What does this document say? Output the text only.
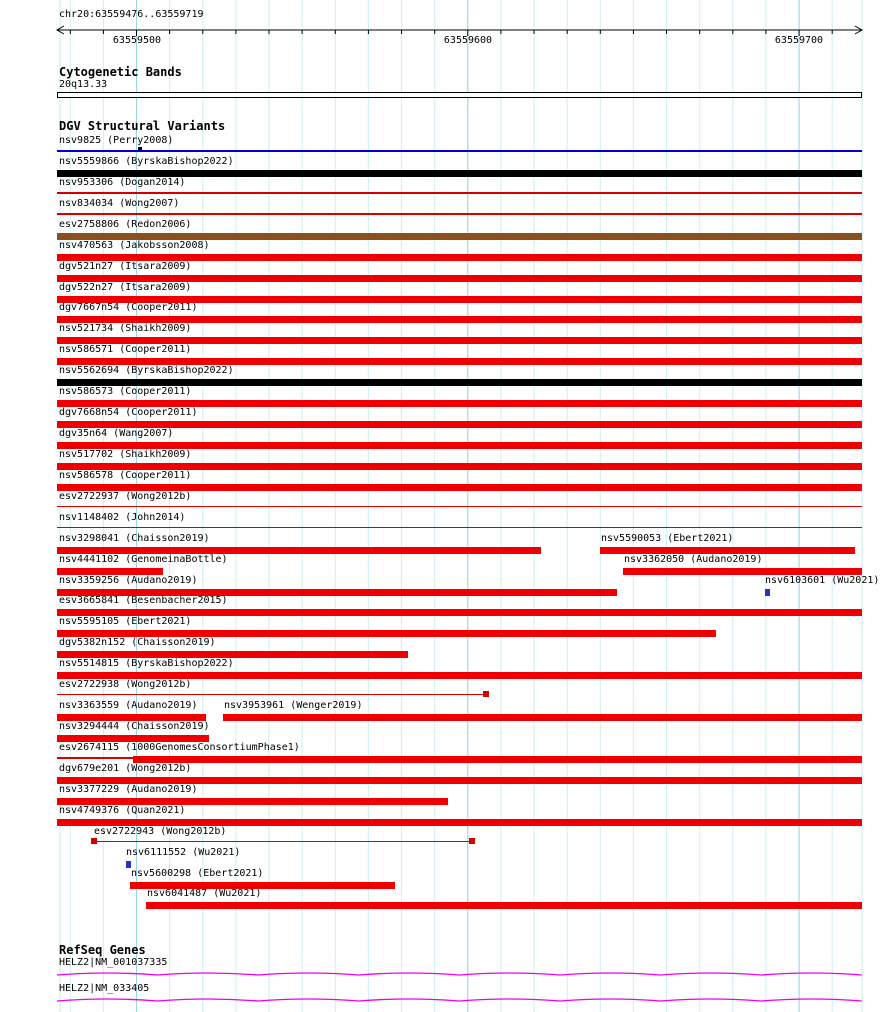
chr20:63559476..63559719
63559500	63559600	63559700
Cytogenetic Bands
20q13.33
DGV Structural Variants
nsv9825 (Perry2008)
nsv5559866 (ByrskaBishop2022)
nsv953306 (Dogan2014)
nsv834034 (Wong2007)
esv2758806 (Redon2006)
nsv470563 (Jakobsson2008)
dgv521n27 (Itsara2009)
dgv522n27 (Itsara2009)
dgv7667n54 (Cooper2011)
nsv521734 (Shaikh2009)
nsv586571 (Cooper2011)
nsv5562694 (ByrskaBishop2022)
nsv586573 (Cooper2011)
dgv7668n54 (Cooper2011)
dgv35n64 (Wang2007)
nsv517702 (Shaikh2009)
nsv586578 (Cooper2011)
esv2722937 (Wong2012b)
nsv1148402 (John2014)
nsv3298041 (Chaisson2019)	nsv5590053 (Ebert2021)
nsv4441102 (GenomeinaBottle)	nsv3362050 (Audano2019)
nsv3359256 (Audano2019)	nsv6103601 (Wu2021)
esv3665841 (Besenbacher2015)
nsv5595105 (Ebert2021)
dgv5382n152 (Chaisson2019)
nsv5514815 (ByrskaBishop2022)
esv2722938 (Wong2012b)
nsv3363559 (Audano2019)	nsv3953961 (Wenger2019)
nsv3294444 (Chaisson2019)
esv2674115 (1000GenomesConsortiumPhase1)
dgv679e201 (Wong2012b)
nsv3377229 (Audano2019)
nsv4749376 (Quan2021)
esv2722943 (Wong2012b)
nsv6111552 (Wu2021)
nsv5600298 (Ebert2021)
nsv6041487 (Wu2021)
RefSeq Genes
HELZ2|NM_001037335
HELZ2|NM_033405
